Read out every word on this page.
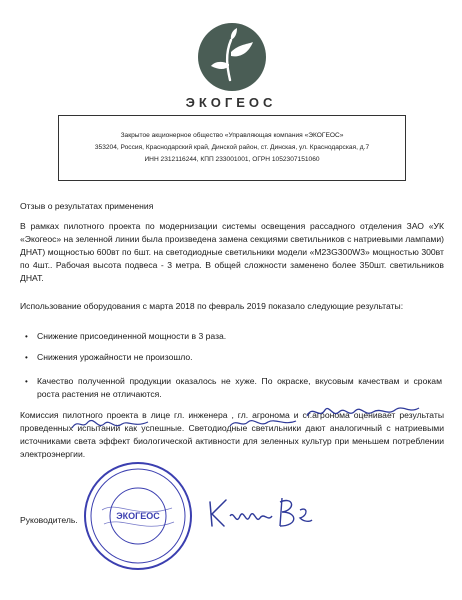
ЭКОГЕОС
Закрытое акционерное общество «Управляющая компания «ЭКОГЕОС»
353204, Россия, Краснодарский край, Динской район, ст. Динская, ул. Краснодарская, д.7
ИНН 2312116244, КПП 233001001, ОГРН 1052307151060
Отзыв о результатах применения
В рамках пилотного проекта по модернизации системы освещения рассадного отделения ЗАО «УК «Экогеос» на зеленной линии была произведена замена секциями светильников с натриевыми лампами) ДНАТ) мощностью 600вт по 6шт. на светодиодные светильники модели «M23G300W3» мощностью 300вт по 4шт.. Рабочая высота подвеса - 3 метра. В общей сложности заменено более 350шт. светильников ДНАТ.
Использование оборудования с марта 2018 по февраль 2019 показало следующие результаты:
• Снижение присоединенной мощности в 3 раза.
• Снижения урожайности не произошло.
• Качество полученной продукции оказалось не хуже. По окраске, вкусовым качествам и срокам роста растения не отличаются.
Комиссия пилотного проекта в лице гл. инженера , гл. агронома и ст.агронома оценивает результаты проведенных испытаний как успешные. Светодиодные светильники дают аналогичный с натриевыми источниками света эффект биологической активности для зеленных культур при меньшем потреблении электроэнергии.
ЭКОГЕОС
Руководитель.
